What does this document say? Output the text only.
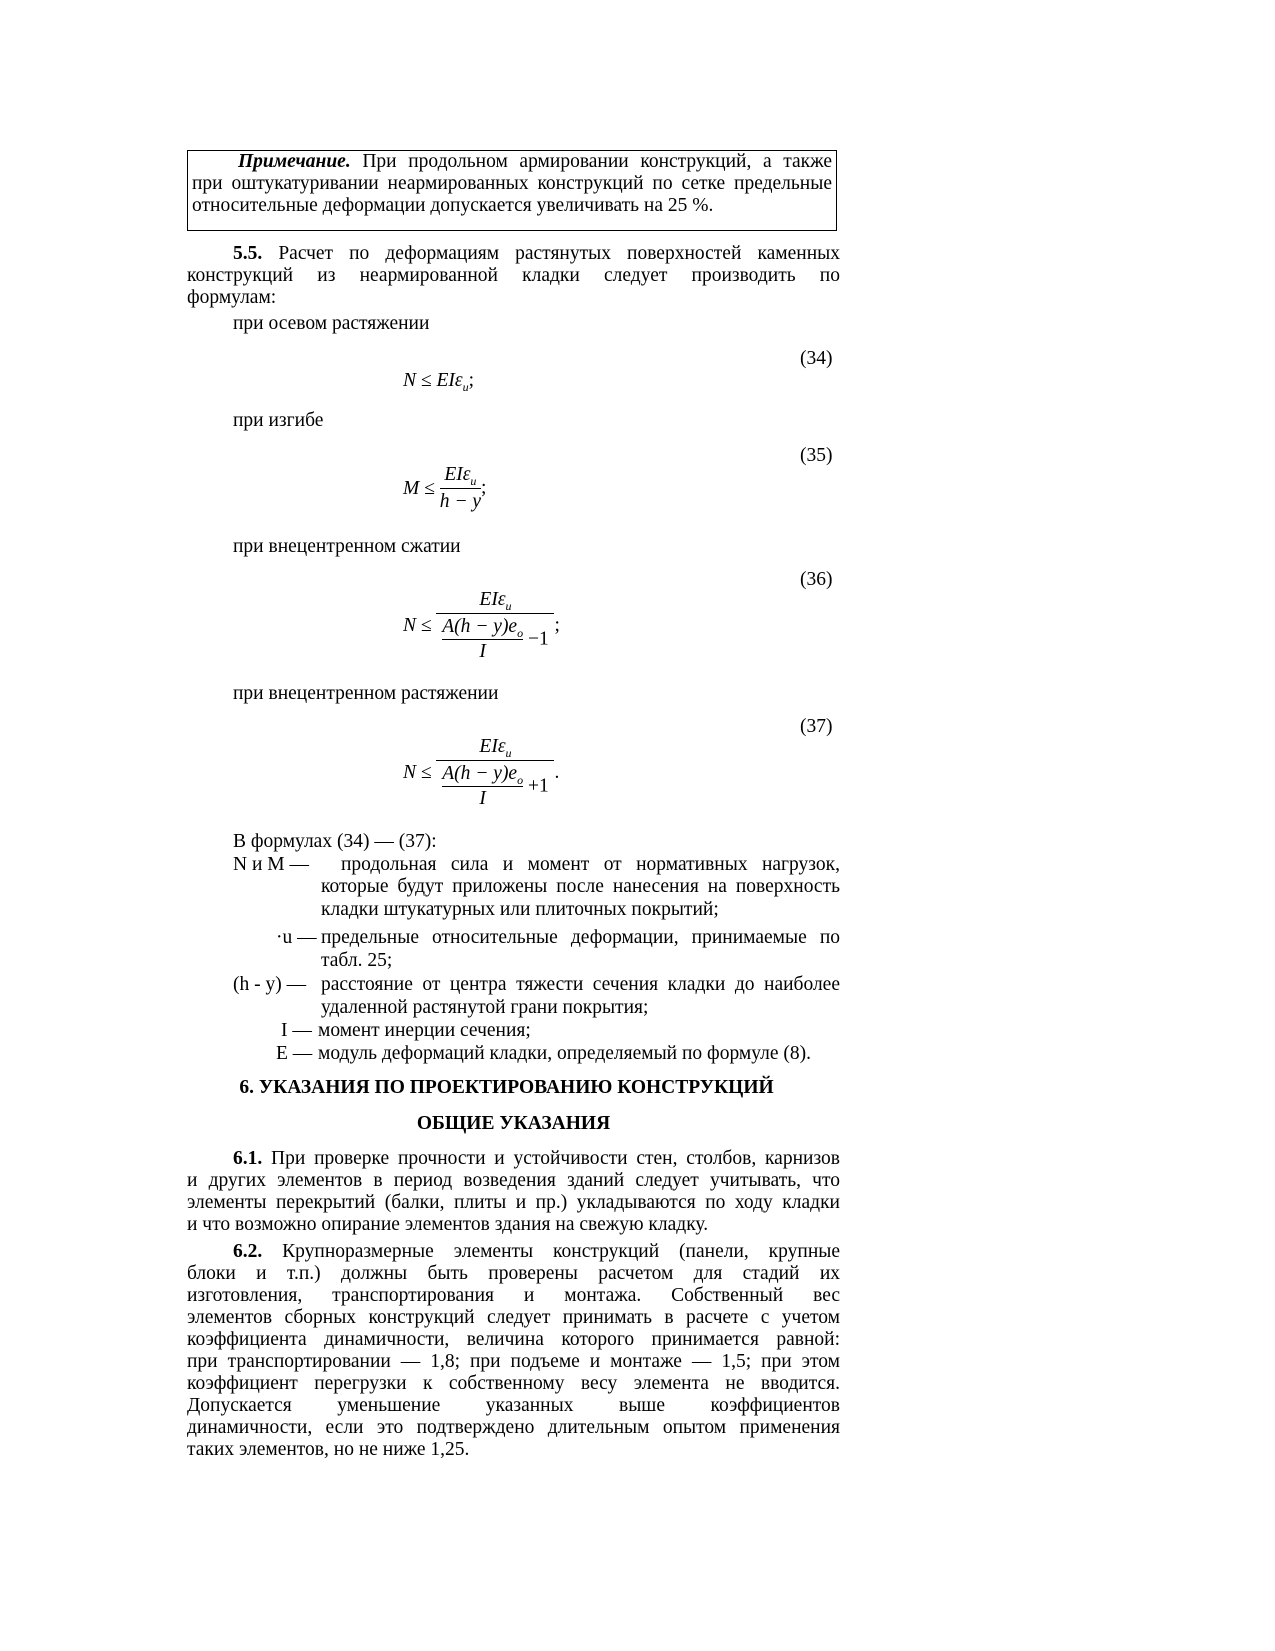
Примечание. При продольном армировании конструкций, а также

при оштукатуривании неармированных конструкций по сетке предельные

относительные деформации допускается увеличивать на 25 %.

5.5. Расчет по деформациям растянутых поверхностей каменных
конструкций из неармированной кладки следует производить по
формулам:
при осевом растяжении
(34)
N ≤ EIε$_u$;
при изгибе
(35)
$M \le \frac{EI\varepsilon_u}{h - y}$ ;
при внецентренном сжатии
(36)
$N \le \frac{EI\varepsilon_u}{\frac{A(h - y)e_o}{I} -1}$ ;
при внецентренном растяжении
(37)
$N \le \frac{EI\varepsilon_u}{\frac{A(h - y)e_o}{I} +1}$ .
В формулах (34) — (37):
N и M — продольная сила и момент от нормативных нагрузок,
которые будут приложены после нанесения на поверхность
кладки штукатурных или плиточных покрытий;
·u — предельные относительные деформации, принимаемые по
табл. 25;
(h - y) — расстояние от центра тяжести сечения кладки до наиболее
удаленной растянутой грани покрытия;
I — момент инерции сечения;
E — модуль деформаций кладки, определяемый по формуле (8).
6. УКАЗАНИЯ ПО ПРОЕКТИРОВАНИЮ КОНСТРУКЦИЙ
ОБЩИЕ УКАЗАНИЯ
6.1. При проверке прочности и устойчивости стен, столбов, карнизов
и других элементов в период возведения зданий следует учитывать, что
элементы перекрытий (балки, плиты и пр.) укладываются по ходу кладки
и что возможно опирание элементов здания на свежую кладку.
6.2. Крупноразмерные элементы конструкций (панели, крупные
блоки и т.п.) должны быть проверены расчетом для стадий их
изготовления, транспортирования и монтажа. Собственный вес
элементов сборных конструкций следует принимать в расчете с учетом
коэффициента динамичности, величина которого принимается равной:
при транспортировании — 1,8; при подъеме и монтаже — 1,5; при этом
коэффициент перегрузки к собственному весу элемента не вводится.
Допускается уменьшение указанных выше коэффициентов
динамичности, если это подтверждено длительным опытом применения
таких элементов, но не ниже 1,25.
